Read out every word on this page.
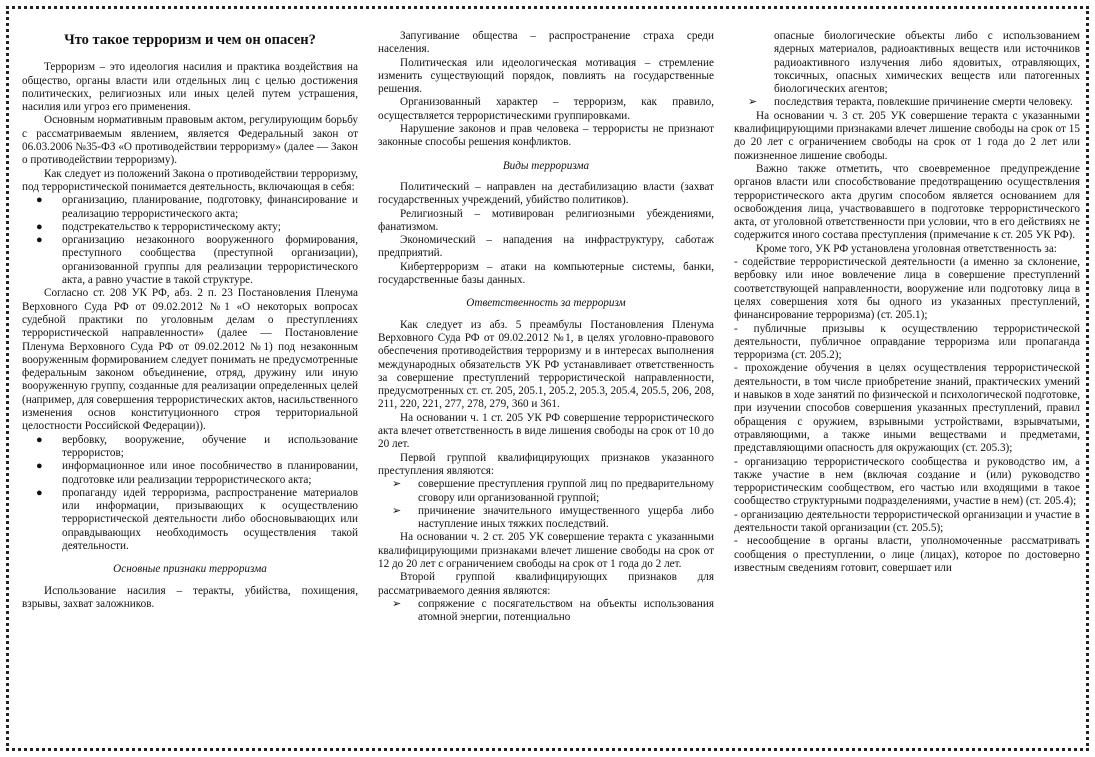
Что такое терроризм и чем он опасен?

Терроризм – это идеология насилия и практика воздействия на общество, органы власти или отдельных лиц с целью достижения политических, религиозных или иных целей путем устрашения, насилия или угроз его применения.

Основным нормативным правовым актом, регулирующим борьбу с рассматриваемым явлением, является Федеральный закон от 06.03.2006 №35-ФЗ «О противодействии терроризму» (далее — Закон о противодействии терроризму).

Как следует из положений Закона о противодействии терроризму, под террористической понимается деятельность, включающая в себя:

● организацию, планирование, подготовку, финансирование и реализацию террористического акта;
● подстрекательство к террористическому акту;
● организацию незаконного вооруженного формирования, преступного сообщества (преступной организации), организованной группы для реализации террористического акта, а равно участие в такой структуре.

Согласно ст. 208 УК РФ, абз. 2 п. 23 Постановления Пленума Верховного Суда РФ от 09.02.2012 №1 «О некоторых вопросах судебной практики по уголовным делам о преступлениях террористической направленности» (далее — Постановление Пленума Верховного Суда РФ от 09.02.2012 №1) под незаконным вооруженным формированием следует понимать не предусмотренные федеральным законом объединение, отряд, дружину или иную вооруженную группу, созданные для реализации определенных целей (например, для совершения террористических актов, насильственного изменения основ конституционного строя территориальной целостности Российской Федерации)).

● вербовку, вооружение, обучение и использование террористов;
● информационное или иное пособничество в планировании, подготовке или реализации террористического акта;
● пропаганду идей терроризма, распространение материалов или информации, призывающих к осуществлению террористической деятельности либо обосновывающих или оправдывающих необходимость осуществления такой деятельности.
Основные признаки терроризма

Использование насилия – теракты, убийства, похищения, взрывы, захват заложников.

Запугивание общества – распространение страха среди населения.

Политическая или идеологическая мотивация – стремление изменить существующий порядок, повлиять на государственные решения.

Организованный характер – терроризм, как правило, осуществляется террористическими группировками.

Нарушение законов и прав человека – террористы не признают законные способы решения конфликтов.

Виды терроризма

Политический – направлен на дестабилизацию власти (захват государственных учреждений, убийство политиков).

Религиозный – мотивирован религиозными убеждениями, фанатизмом.

Экономический – нападения на инфраструктуру, саботаж предприятий.

Кибертерроризм – атаки на компьютерные системы, банки, государственные базы данных.

Ответственность за терроризм

Как следует из абз. 5 преамбулы Постановления Пленума Верховного Суда РФ от 09.02.2012 №1, в целях уголовно-правового обеспечения противодействия терроризму и в интересах выполнения международных обязательств УК РФ устанавливает ответственность за совершение преступлений террористической направленности, предусмотренных ст. ст. 205, 205.1, 205.2, 205.3, 205.4, 205.5, 206, 208, 211, 220, 221, 277, 278, 279, 360 и 361.

На основании ч. 1 ст. 205 УК РФ совершение террористического акта влечет ответственность в виде лишения свободы на срок от 10 до 20 лет.

Первой группой квалифицирующих признаков указанного преступления являются:

➢ совершение преступления группой лиц по предварительному сговору или организованной группой;
➢ причинение значительного имущественного ущерба либо наступление иных тяжких последствий.

На основании ч. 2 ст. 205 УК совершение теракта с указанными квалифицирующими признаками влечет лишение свободы на срок от 12 до 20 лет с ограничением свободы на срок от 1 года до 2 лет.

Второй группой квалифицирующих признаков для рассматриваемого деяния являются:

➢ сопряжение с посягательством на объекты использования атомной энергии, потенциально
опасные биологические объекты либо с использованием ядерных материалов, радиоактивных веществ или источников радиоактивного излучения либо ядовитых, отравляющих, токсичных, опасных химических веществ или патогенных биологических агентов;
➢ последствия теракта, повлекшие причинение смерти человеку.

На основании ч. 3 ст. 205 УК совершение теракта с указанными квалифицирующими признаками влечет лишение свободы на срок от 15 до 20 лет с ограничением свободы на срок от 1 года до 2 лет или пожизненное лишение свободы.

Важно также отметить, что своевременное предупреждение органов власти или способствование предотвращению осуществления террористического акта другим способом является основанием для освобождения лица, участвовавшего в подготовке террористического акта, от уголовной ответственности при условии, что в его действиях не содержится иного состава преступления (примечание к ст. 205 УК РФ).

Кроме того, УК РФ установлена уголовная ответственность за:

- содействие террористической деятельности (а именно за склонение, вербовку или иное вовлечение лица в совершение преступлений соответствующей направленности, вооружение или подготовку лица в целях совершения хотя бы одного из указанных преступлений, финансирование терроризма) (ст. 205.1);

- публичные призывы к осуществлению террористической деятельности, публичное оправдание терроризма или пропаганда терроризма (ст. 205.2);

- прохождение обучения в целях осуществления террористической деятельности, в том числе приобретение знаний, практических умений и навыков в ходе занятий по физической и психологической подготовке, при изучении способов совершения указанных преступлений, правил обращения с оружием, взрывными устройствами, взрывчатыми, отравляющими, а также иными веществами и предметами, представляющими опасность для окружающих (ст. 205.3);

- организацию террористического сообщества и руководство им, а также участие в нем (включая создание и (или) руководство террористическим сообществом, его частью или входящими в такое сообщество структурными подразделениями, участие в нем) (ст. 205.4);

- организацию деятельности террористической организации и участие в деятельности такой организации (ст. 205.5);

- несообщение в органы власти, уполномоченные рассматривать сообщения о преступлении, о лице (лицах), которое по достоверно известным сведениям готовит, совершает или
